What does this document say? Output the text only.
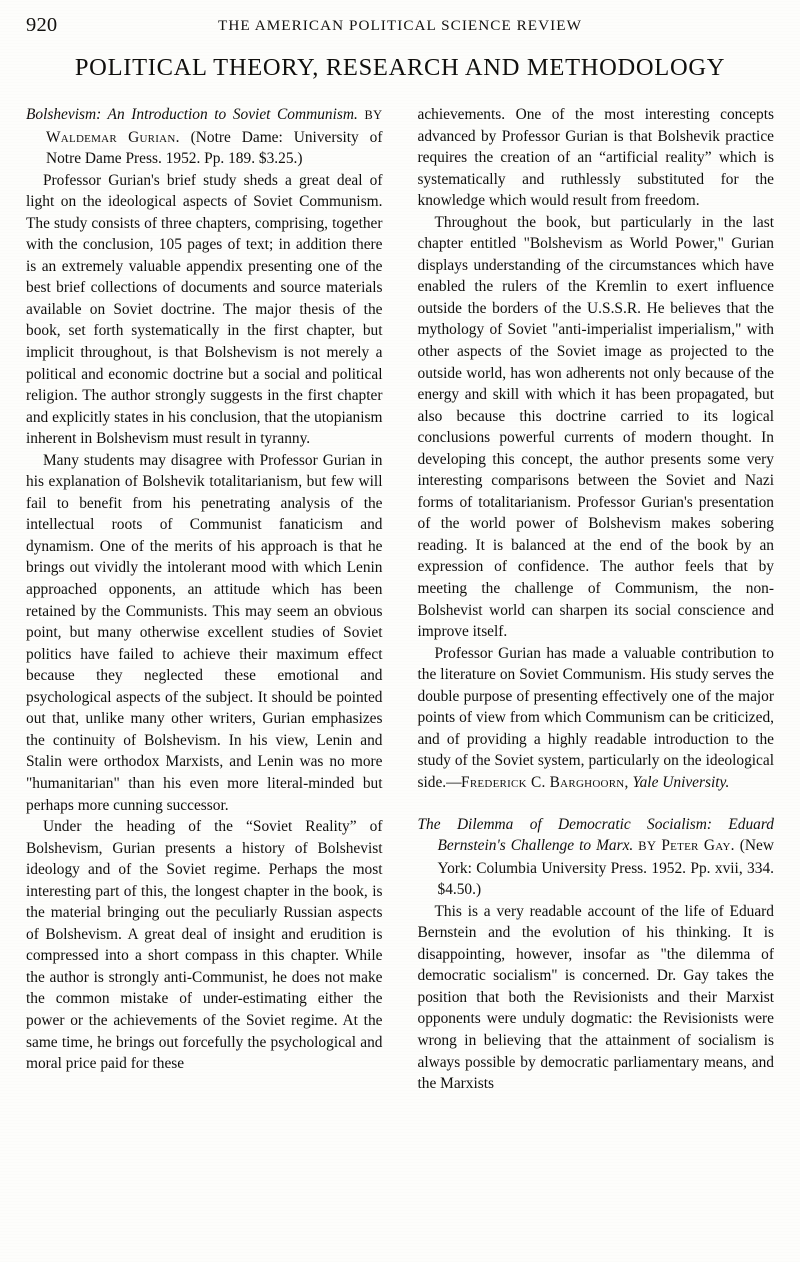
920	THE AMERICAN POLITICAL SCIENCE REVIEW
POLITICAL THEORY, RESEARCH AND METHODOLOGY

Bolshevism: An Introduction to Soviet Communism. BY Waldemar Gurian. (Notre Dame: University of Notre Dame Press. 1952. Pp. 189. $3.25.)

Professor Gurian's brief study sheds a great deal of light on the ideological aspects of Soviet Communism. The study consists of three chapters, comprising, together with the conclusion, 105 pages of text; in addition there is an extremely valuable appendix presenting one of the best brief collections of documents and source materials available on Soviet doctrine. The major thesis of the book, set forth systematically in the first chapter, but implicit throughout, is that Bolshevism is not merely a political and economic doctrine but a social and political religion. The author strongly suggests in the first chapter and explicitly states in his conclusion, that the utopianism inherent in Bolshevism must result in tyranny.

Many students may disagree with Professor Gurian in his explanation of Bolshevik totalitarianism, but few will fail to benefit from his penetrating analysis of the intellectual roots of Communist fanaticism and dynamism. One of the merits of his approach is that he brings out vividly the intolerant mood with which Lenin approached opponents, an attitude which has been retained by the Communists. This may seem an obvious point, but many otherwise excellent studies of Soviet politics have failed to achieve their maximum effect because they neglected these emotional and psychological aspects of the subject. It should be pointed out that, unlike many other writers, Gurian emphasizes the continuity of Bolshevism. In his view, Lenin and Stalin were orthodox Marxists, and Lenin was no more "humanitarian" than his even more literal-minded but perhaps more cunning successor.

Under the heading of the “Soviet Reality” of Bolshevism, Gurian presents a history of Bolshevist ideology and of the Soviet regime. Perhaps the most interesting part of this, the longest chapter in the book, is the material bringing out the peculiarly Russian aspects of Bolshevism. A great deal of insight and erudition is compressed into a short compass in this chapter. While the author is strongly anti-Communist, he does not make the common mistake of under-estimating either the power or the achievements of the Soviet regime. At the same time, he brings out forcefully the psychological and moral price paid for these

achievements. One of the most interesting concepts advanced by Professor Gurian is that Bolshevik practice requires the creation of an “artificial reality” which is systematically and ruthlessly substituted for the knowledge which would result from freedom.

Throughout the book, but particularly in the last chapter entitled "Bolshevism as World Power," Gurian displays understanding of the circumstances which have enabled the rulers of the Kremlin to exert influence outside the borders of the U.S.S.R. He believes that the mythology of Soviet "anti-imperialist imperialism," with other aspects of the Soviet image as projected to the outside world, has won adherents not only because of the energy and skill with which it has been propagated, but also because this doctrine carried to its logical conclusions powerful currents of modern thought. In developing this concept, the author presents some very interesting comparisons between the Soviet and Nazi forms of totalitarianism. Professor Gurian's presentation of the world power of Bolshevism makes sobering reading. It is balanced at the end of the book by an expression of confidence. The author feels that by meeting the challenge of Communism, the non-Bolshevist world can sharpen its social conscience and improve itself.

Professor Gurian has made a valuable contribution to the literature on Soviet Communism. His study serves the double purpose of presenting effectively one of the major points of view from which Communism can be criticized, and of providing a highly readable introduction to the study of the Soviet system, particularly on the ideological side.—Frederick C. Barghoorn, Yale University.

The Dilemma of Democratic Socialism: Eduard Bernstein's Challenge to Marx. BY Peter Gay. (New York: Columbia University Press. 1952. Pp. xvii, 334. $4.50.)

This is a very readable account of the life of Eduard Bernstein and the evolution of his thinking. It is disappointing, however, insofar as "the dilemma of democratic socialism" is concerned. Dr. Gay takes the position that both the Revisionists and their Marxist opponents were unduly dogmatic: the Revisionists were wrong in believing that the attainment of socialism is always possible by democratic parliamentary means, and the Marxists
